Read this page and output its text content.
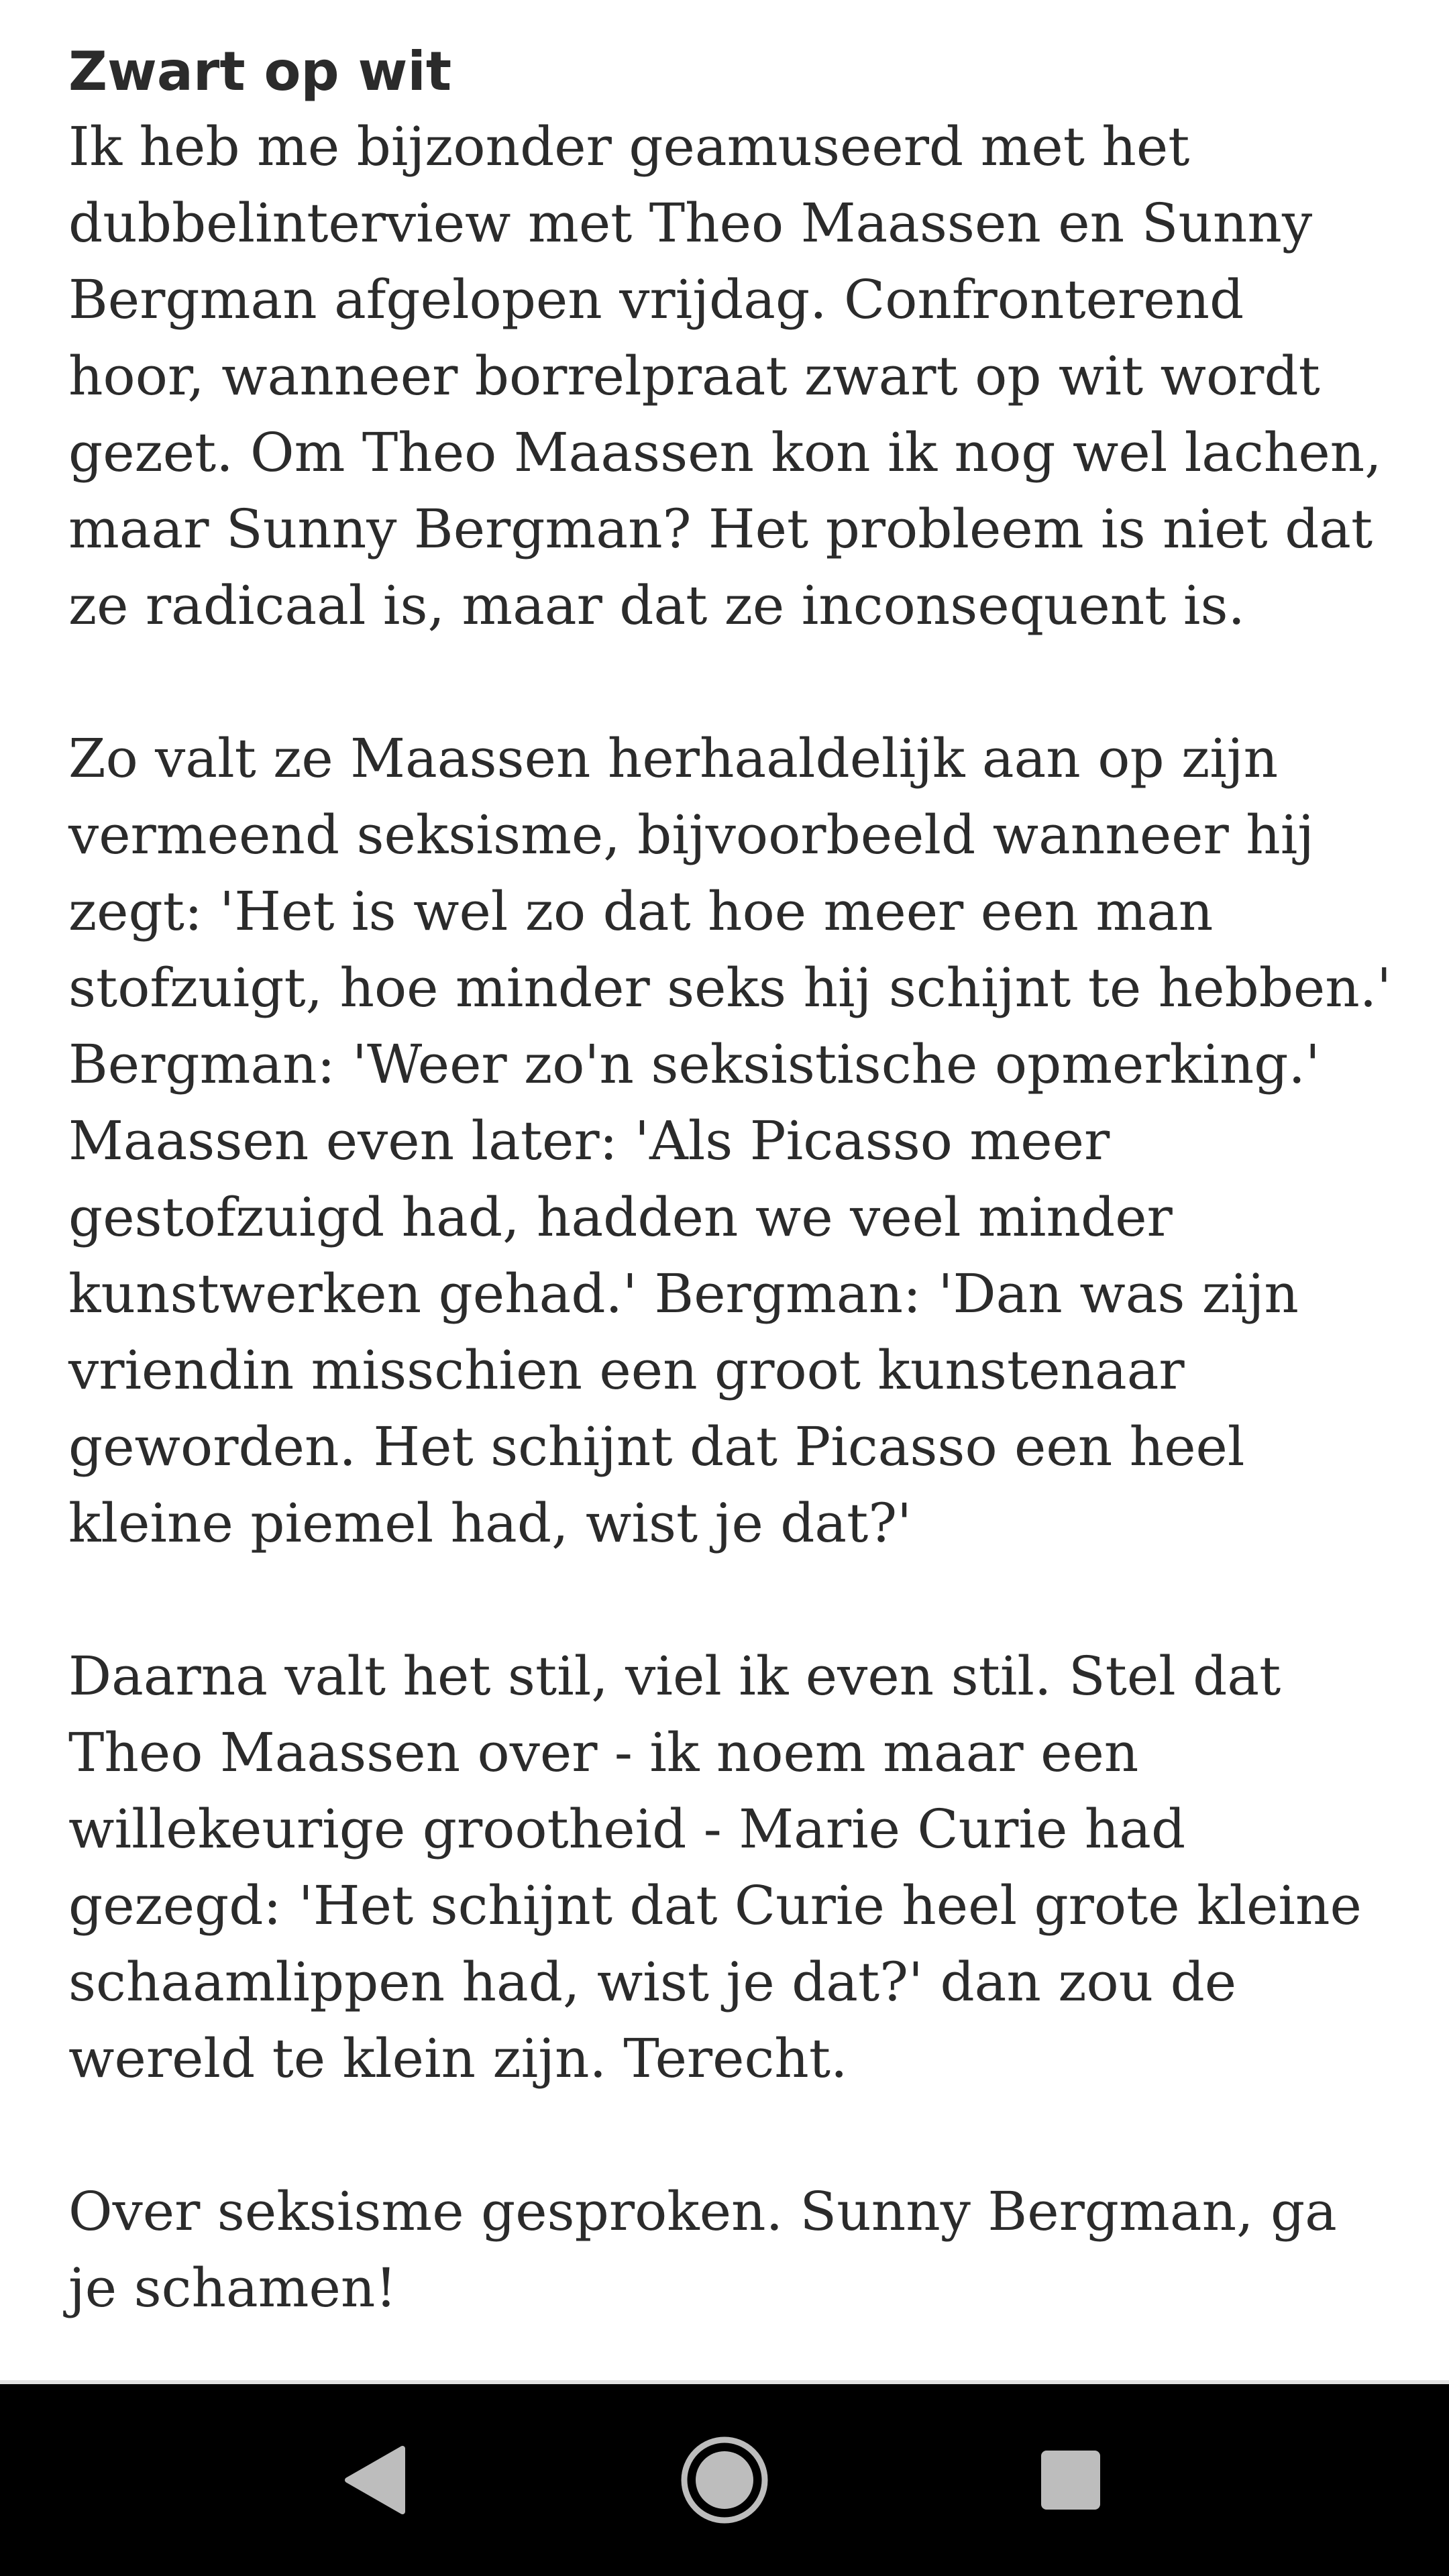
Zwart op wit

Ik heb me bijzonder geamuseerd met het dubbelinterview met Theo Maassen en Sunny Bergman afgelopen vrijdag. Confronterend hoor, wanneer borrelpraat zwart op wit wordt gezet. Om Theo Maassen kon ik nog wel lachen, maar Sunny Bergman? Het probleem is niet dat ze radicaal is, maar dat ze inconsequent is.

Zo valt ze Maassen herhaaldelijk aan op zijn vermeend seksisme, bijvoorbeeld wanneer hij zegt: 'Het is wel zo dat hoe meer een man stofzuigt, hoe minder seks hij schijnt te hebben.' Bergman: 'Weer zo'n seksistische opmerking.' Maassen even later: 'Als Picasso meer gestofzuigd had, hadden we veel minder kunstwerken gehad.' Bergman: 'Dan was zijn vriendin misschien een groot kunstenaar geworden. Het schijnt dat Picasso een heel kleine piemel had, wist je dat?'

Daarna valt het stil, viel ik even stil. Stel dat Theo Maassen over - ik noem maar een willekeurige grootheid - Marie Curie had gezegd: 'Het schijnt dat Curie heel grote kleine schaamlippen had, wist je dat?' dan zou de wereld te klein zijn. Terecht.

Over seksisme gesproken. Sunny Bergman, ga je schamen!
